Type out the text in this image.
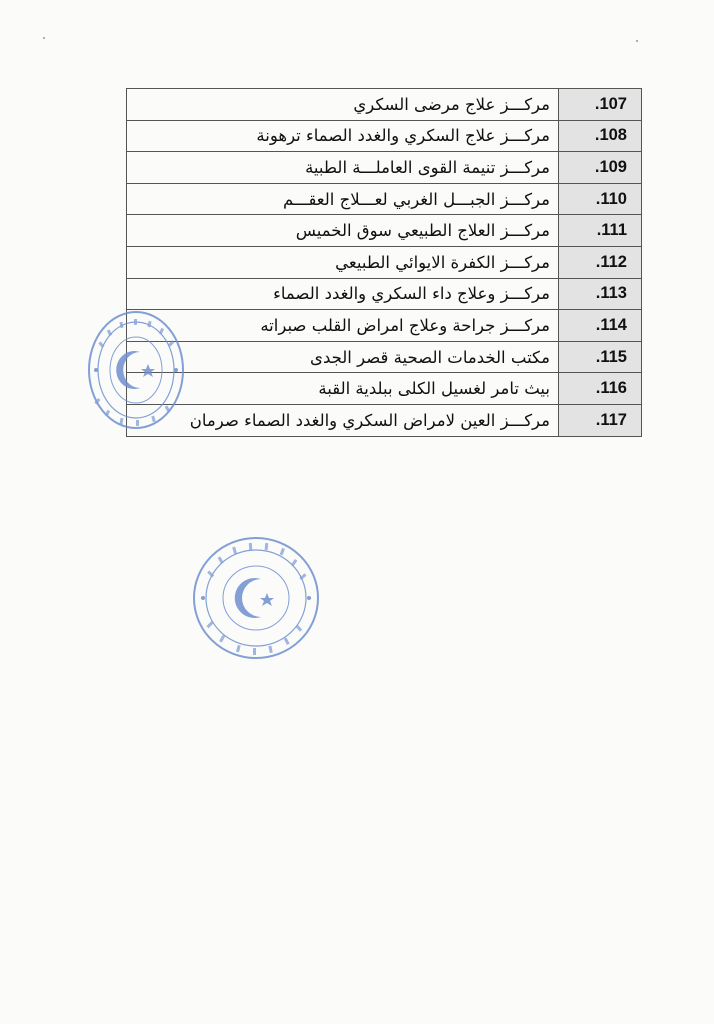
مركـــز علاج مرضى السكري	.107
مركـــز علاج السكري والغدد الصماء ترهونة	.108
مركـــز تنيمة القوى العاملـــة الطبية	.109
مركـــز الجبـــل الغربي لعـــلاج العقـــم	.110
مركـــز العلاج الطبيعي سوق الخميس	.111
مركـــز الكفرة الايوائي الطبيعي	.112
مركـــز وعلاج داء السكري والغدد الصماء	.113
مركـــز جراحة وعلاج امراض القلب صبراته	.114
مكتب الخدمات الصحية قصر الجدى	.115
بيث تامر لغسيل الكلى ببلدية القبة	.116
مركـــز العين لامراض السكري والغدد الصماء صرمان	.117
